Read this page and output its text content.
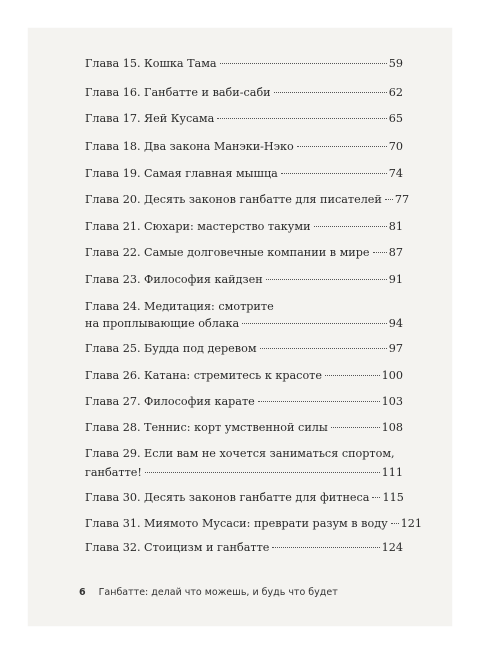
Глава 15. Кошка Тама	59
Глава 16. Ганбатте и ваби-саби	62
Глава 17. Яей Кусама	65
Глава 18. Два закона Манэки-Нэко	70
Глава 19. Самая главная мышца	74
Глава 20. Десять законов ганбатте для писателей 77
Глава 21. Сюхари: мастерство такуми	81
Глава 22. Самые долговечные компании в мире 87
Глава 23. Философия кайдзен	91
Глава 24. Медитация: смотрите
на проплывающие облака	94
Глава 25. Будда под деревом	97
Глава 26. Катана: стремитесь к красоте	100
Глава 27. Философия карате	103
Глава 28. Теннис: корт умственной силы	108
Глава 29. Если вам не хочется заниматься спортом,
ганбатте!	111
Глава 30. Десять законов ганбатте для фитнеса 115
Глава 31. Миямото Мусаси: преврати разум в воду 121
Глава 32. Стоицизм и ганбатте	124
6 Ганбатте: делай что можешь, и будь что будет
